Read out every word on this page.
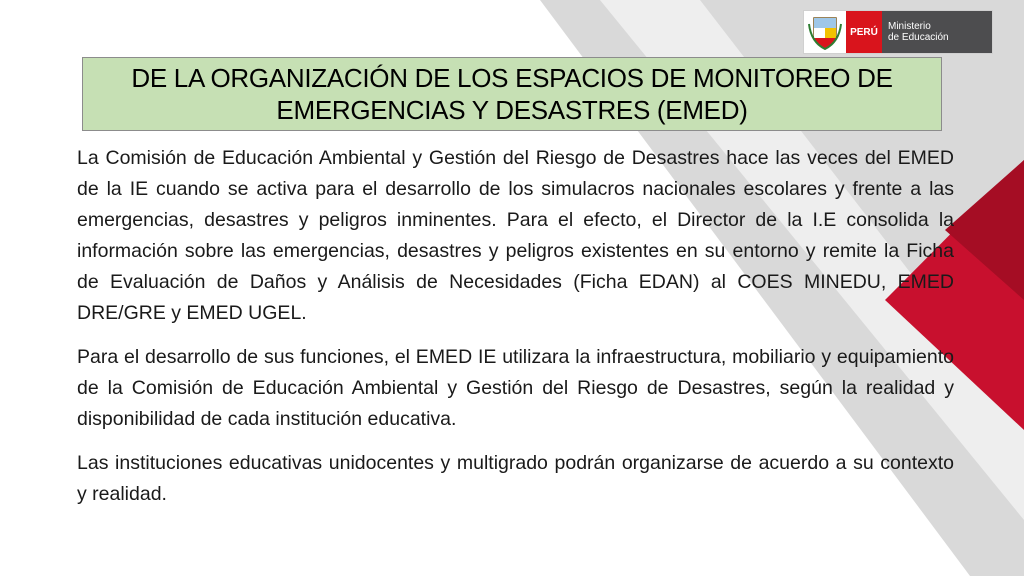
PERÚ	Ministerio
de Educación
DE LA ORGANIZACIÓN DE LOS ESPACIOS DE MONITOREO DE EMERGENCIAS Y DESASTRES (EMED)

La Comisión de Educación Ambiental y Gestión del Riesgo de Desastres hace las veces del EMED de la IE cuando se activa para el desarrollo de los simulacros nacionales escolares y frente a las emergencias, desastres y peligros inminentes. Para el efecto, el Director de la I.E consolida la información sobre las emergencias, desastres y peligros existentes en su entorno y remite la Ficha de Evaluación de Daños y Análisis de Necesidades (Ficha EDAN) al COES MINEDU, EMED DRE/GRE y EMED UGEL.

Para el desarrollo de sus funciones, el EMED IE utilizara la infraestructura, mobiliario y equipamiento de la Comisión de Educación Ambiental y Gestión del Riesgo de Desastres, según la realidad y disponibilidad de cada institución educativa.

Las instituciones educativas unidocentes y multigrado podrán organizarse de acuerdo a su contexto y realidad.
